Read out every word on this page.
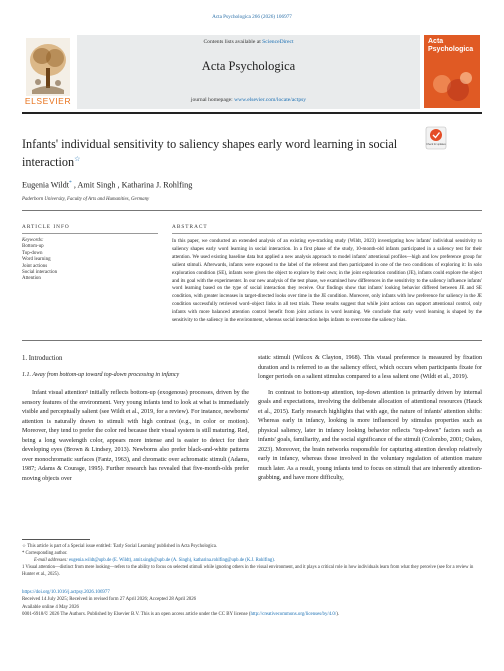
Acta Psychologica 266 (2026) 106977
Contents lists available at ScienceDirect
Acta Psychologica
journal homepage: www.elsevier.com/locate/actpsy
ELSEVIER
Acta Psychologica
Infants' individual sensitivity to saliency shapes early word learning in social interaction☆
Check for updates
Eugenia Wildt* , Amit Singh , Katharina J. Rohlfing
Paderborn University, Faculty of Arts and Humanities, Germany
ARTICLE INFO	ABSTRACT
Keywords:
Bottom-up
Top-down
Word learning
Joint actions
Social interaction
Attention
In this paper, we conducted an extended analysis of an existing eye-tracking study (Wildt, 2023) investigating how infants' individual sensitivity to saliency shapes early word learning in social interaction. In a first phase of the study, 10-month-old infants participated in a saliency test for their attention. We used existing baseline data but applied a new analysis approach to model infants' attentional profiles—high and low preference group for salient stimuli. Afterwards, infants were exposed to the label of the referent and then participated in one of the two conditions of exploring it: In solo exploration condition (SE), infants were given the object to explore by their own; in the joint exploration condition (JE), infants could explore the object and its goal with the experimenter. In our new analysis of the test phase, we examined how differences in the sensitivity to the saliency influence infants' word learning based on the type of social interaction they receive. Our findings show that infants' looking behavior differed between JE and SE condition, with greater increases in target-directed looks over time in the JE condition. Moreover, only infants with low preference for saliency in the JE condition successfully retrieved word–object links in all test trials. These results suggest that while joint actions can support attentional control, only infants with more balanced attention control benefit from joint actions in word learning. We conclude that early word learning is shaped by the sensitivity to the saliency in the environment, whereas social interaction helps infants to overcome the saliency bias.
1. Introduction
1.1. Away from bottom-up toward top-down processing in infancy

Infant visual attention¹ initially reflects bottom-up (exogenous) processes, driven by the sensory features of the environment. Very young infants tend to look at what is immediately visible and perceptually salient (see Wildt et al., 2019, for a review). For instance, newborns' attention is naturally drawn to stimuli with high contrast (e.g., in color or motion). Moreover, they tend to prefer the color red because their visual system is still maturing. Red, being a long wavelength color, appears more intense and is easier to detect for their developing eyes (Brown & Lindsey, 2013). Newborns also prefer black-and-white patterns over monochromatic surfaces (Fantz, 1963), and chromatic over achromatic stimuli (Adams, 1987; Adams & Courage, 1995). Further research has revealed that five-month-olds prefer moving objects over

static stimuli (Wilcox & Clayton, 1968). This visual preference is measured by fixation duration and is referred to as the saliency effect, which occurs when participants fixate for longer periods on a salient stimulus compared to a less salient one (Wildt et al., 2019).

In contrast to bottom-up attention, top-down attention is primarily driven by internal goals and expectations, involving the deliberate allocation of attentional resources (Hauck et al., 2015). Early research highlights that with age, the nature of infants' attention shifts: Whereas early in infancy, looking is more influenced by stimulus properties such as physical saliency, later in infancy looking behavior reflects "top-down" factors such as infants' goals, familiarity, and the social significance of the stimuli (Colombo, 2001; Oakes, 2023). Moreover, the brain networks responsible for capturing attention develop relatively early in infancy, whereas those involved in the voluntary regulation of attention mature much later. As a result, young infants tend to focus on stimuli that are inherently attention-grabbing, and have more difficulty,

☆ This article is part of a Special issue entitled: 'Early Social Learning' published in Acta Psychologica.
* Corresponding author.
E-mail addresses: eugenia.wildt@upb.de (E. Wildt), amit.singh@upb.de (A. Singh), katharina.rohlfing@upb.de (K.J. Rohlfing).
1 Visual attention—distinct from mere looking—refers to the ability to focus on selected stimuli while ignoring others in the visual environment, and it plays a critical role in how individuals learn from what they perceive (see for a review in Hunter et al., 2025).
https://doi.org/10.1016/j.actpsy.2026.106977
Received 14 July 2025; Received in revised form 27 April 2026; Accepted 28 April 2026
Available online 4 May 2026
0001-6918/© 2026 The Authors. Published by Elsevier B.V. This is an open access article under the CC BY license (http://creativecommons.org/licenses/by/4.0/).
